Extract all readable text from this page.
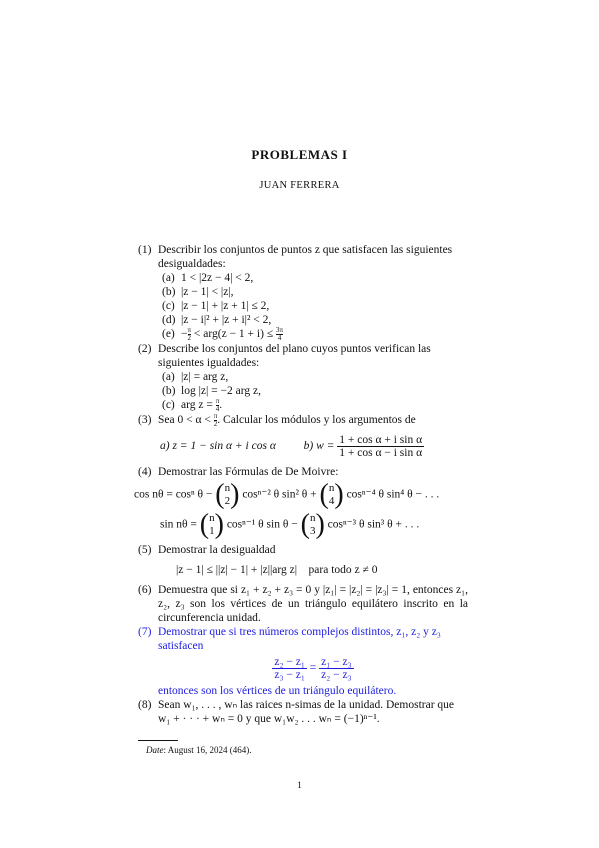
PROBLEMAS I
JUAN FERRERA
(1) Describir los conjuntos de puntos z que satisfacen las siguientes desigualdades:
(a) 1 < |2z − 4| < 2,
(b) |z − 1| < |z|,
(c) |z − 1| + |z + 1| ≤ 2,
(d) |z − i|² + |z + i|² < 2,
$(e) - \frac{\pi}{2} < arg(z - 1 + i) \le \frac{3\pi}{4}$
(2) Describe los conjuntos del plano cuyos puntos verifican las siguientes igualdades:
(a) |z| = arg z,
(b) log |z| = −2 arg z,
(c) arg $z = \frac{\pi}{4}$ .
(3) Sea $0 < \alpha < \frac{\pi}{2}$ . Calcular los módulos y los argumentos de
a) z = 1 − sin α + i cos α b) $w = \frac{\text{1 + cos α + i sin α}}{\text{1 + cos α − i sin α}}$
(4) Demostrar las Fórmulas de De Moivre:
cos nθ = cosⁿ θ − (n
2) cosⁿ⁻² θ sin² θ + (n
4) cosⁿ⁻⁴ θ sin⁴ θ − . . .
sin nθ = (n
1) cosⁿ⁻¹ θ sin θ − (n
3) cosⁿ⁻³ θ sin³ θ + . . .
(5) Demostrar la desigualdad
|z − 1| ≤ ||z| − 1| + |z||arg z|    para todo z ≠ 0
(6) Demuestra que si z₁ + z₂ + z₃ = 0 y |z₁| = |z₂| = |z₃| = 1, entonces z₁, z₂, z₃ son los vértices de un triángulo equilátero inscrito en la circunferencia unidad.
(7) Demostrar que si tres números complejos distintos, z₁, z₂ y z₃ satisfacen
$\frac{\text{z₂ − z₁}}{\text{z₃ − z₁}} = \frac{\text{z₁ − z₃}}{\text{z₂ − z₃}}$
entonces son los vértices de un triángulo equilátero.
(8) Sean w₁, . . . , wₙ las raices n-simas de la unidad. Demostrar que w₁ + · · · + wₙ = 0 y que w₁w₂ . . . wₙ = (−1)ⁿ⁻¹.
Date: August 16, 2024 (464).
1
